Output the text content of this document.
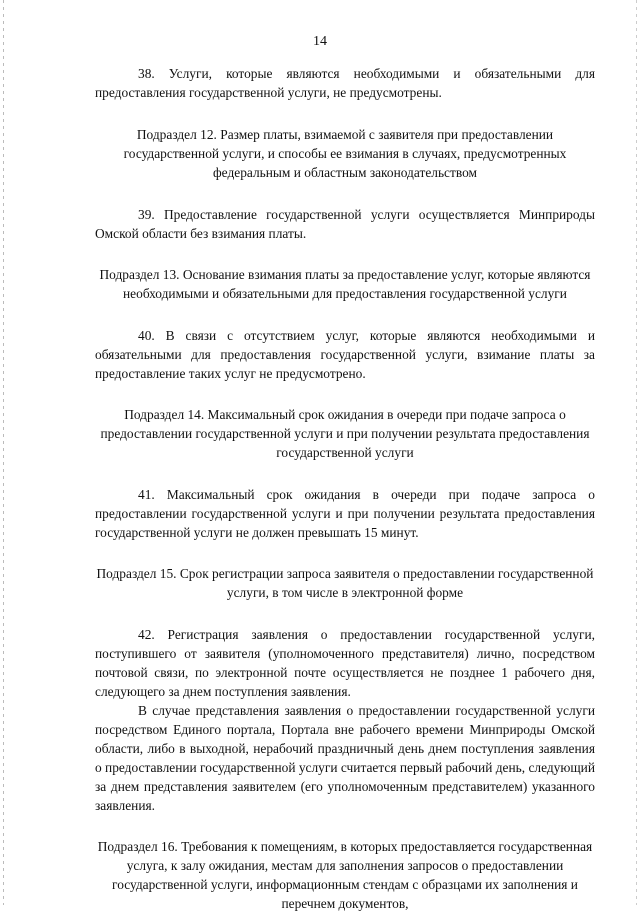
14

38. Услуги, которые являются необходимыми и обязательными для предоставления государственной услуги, не предусмотрены.

Подраздел 12. Размер платы, взимаемой с заявителя при предоставлении государственной услуги, и способы ее взимания в случаях, предусмотренных федеральным и областным законодательством

39. Предоставление государственной услуги осуществляется Минприроды Омской области без взимания платы.

Подраздел 13. Основание взимания платы за предоставление услуг, которые являются необходимыми и обязательными для предоставления государственной услуги

40. В связи с отсутствием услуг, которые являются необходимыми и обязательными для предоставления государственной услуги, взимание платы за предоставление таких услуг не предусмотрено.

Подраздел 14. Максимальный срок ожидания в очереди при подаче запроса о предоставлении государственной услуги и при получении результата предоставления государственной услуги

41. Максимальный срок ожидания в очереди при подаче запроса о предоставлении государственной услуги и при получении результата предоставления государственной услуги не должен превышать 15 минут.

Подраздел 15. Срок регистрации запроса заявителя о предоставлении государственной услуги, в том числе в электронной форме

42. Регистрация заявления о предоставлении государственной услуги, поступившего от заявителя (уполномоченного представителя) лично, посредством почтовой связи, по электронной почте осуществляется не позднее 1 рабочего дня, следующего за днем поступления заявления.

В случае представления заявления о предоставлении государственной услуги посредством Единого портала, Портала вне рабочего времени Минприроды Омской области, либо в выходной, нерабочий праздничный день днем поступления заявления о предоставлении государственной услуги считается первый рабочий день, следующий за днем представления заявителем (его уполномоченным представителем) указанного заявления.

Подраздел 16. Требования к помещениям, в которых предоставляется государственная услуга, к залу ожидания, местам для заполнения запросов о предоставлении государственной услуги, информационным стендам с образцами их заполнения и перечнем документов,
